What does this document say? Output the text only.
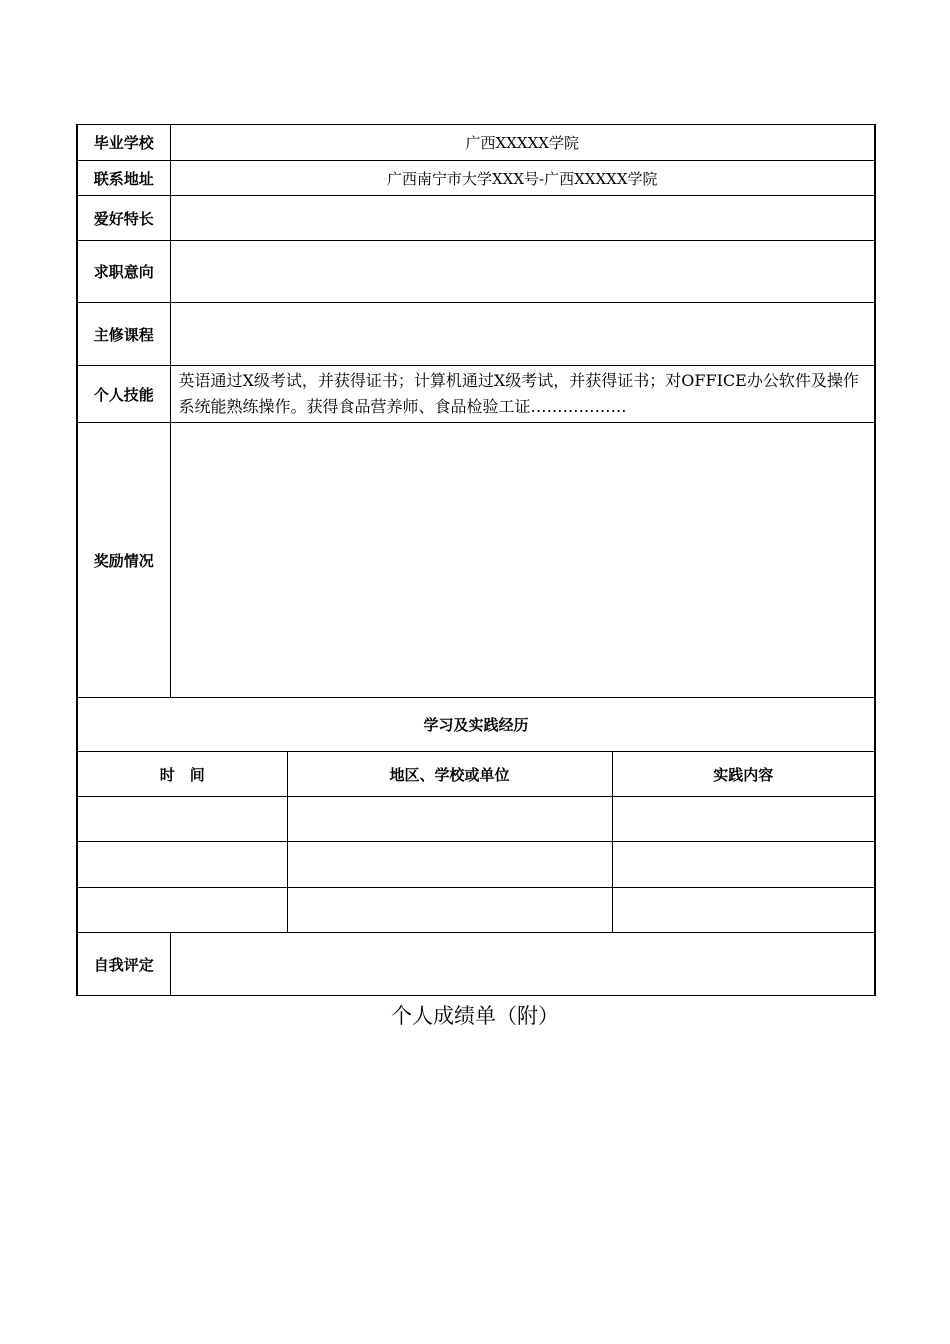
毕业学校	广西XXXXX学院		
联系地址	广西南宁市大学XXX号-广西XXXXX学院		
爱好特长			
求职意向			
主修课程			
个人技能	英语通过X级考试，并获得证书；计算机通过X级考试，并获得证书；对OFFICE办公软件及操作系统能熟练操作。获得食品营养师、食品检验工证………………		
奖励情况			
学习及实践经历			
时　间		地区、学校或单位	实践内容

自我评定			
个人成绩单（附）
